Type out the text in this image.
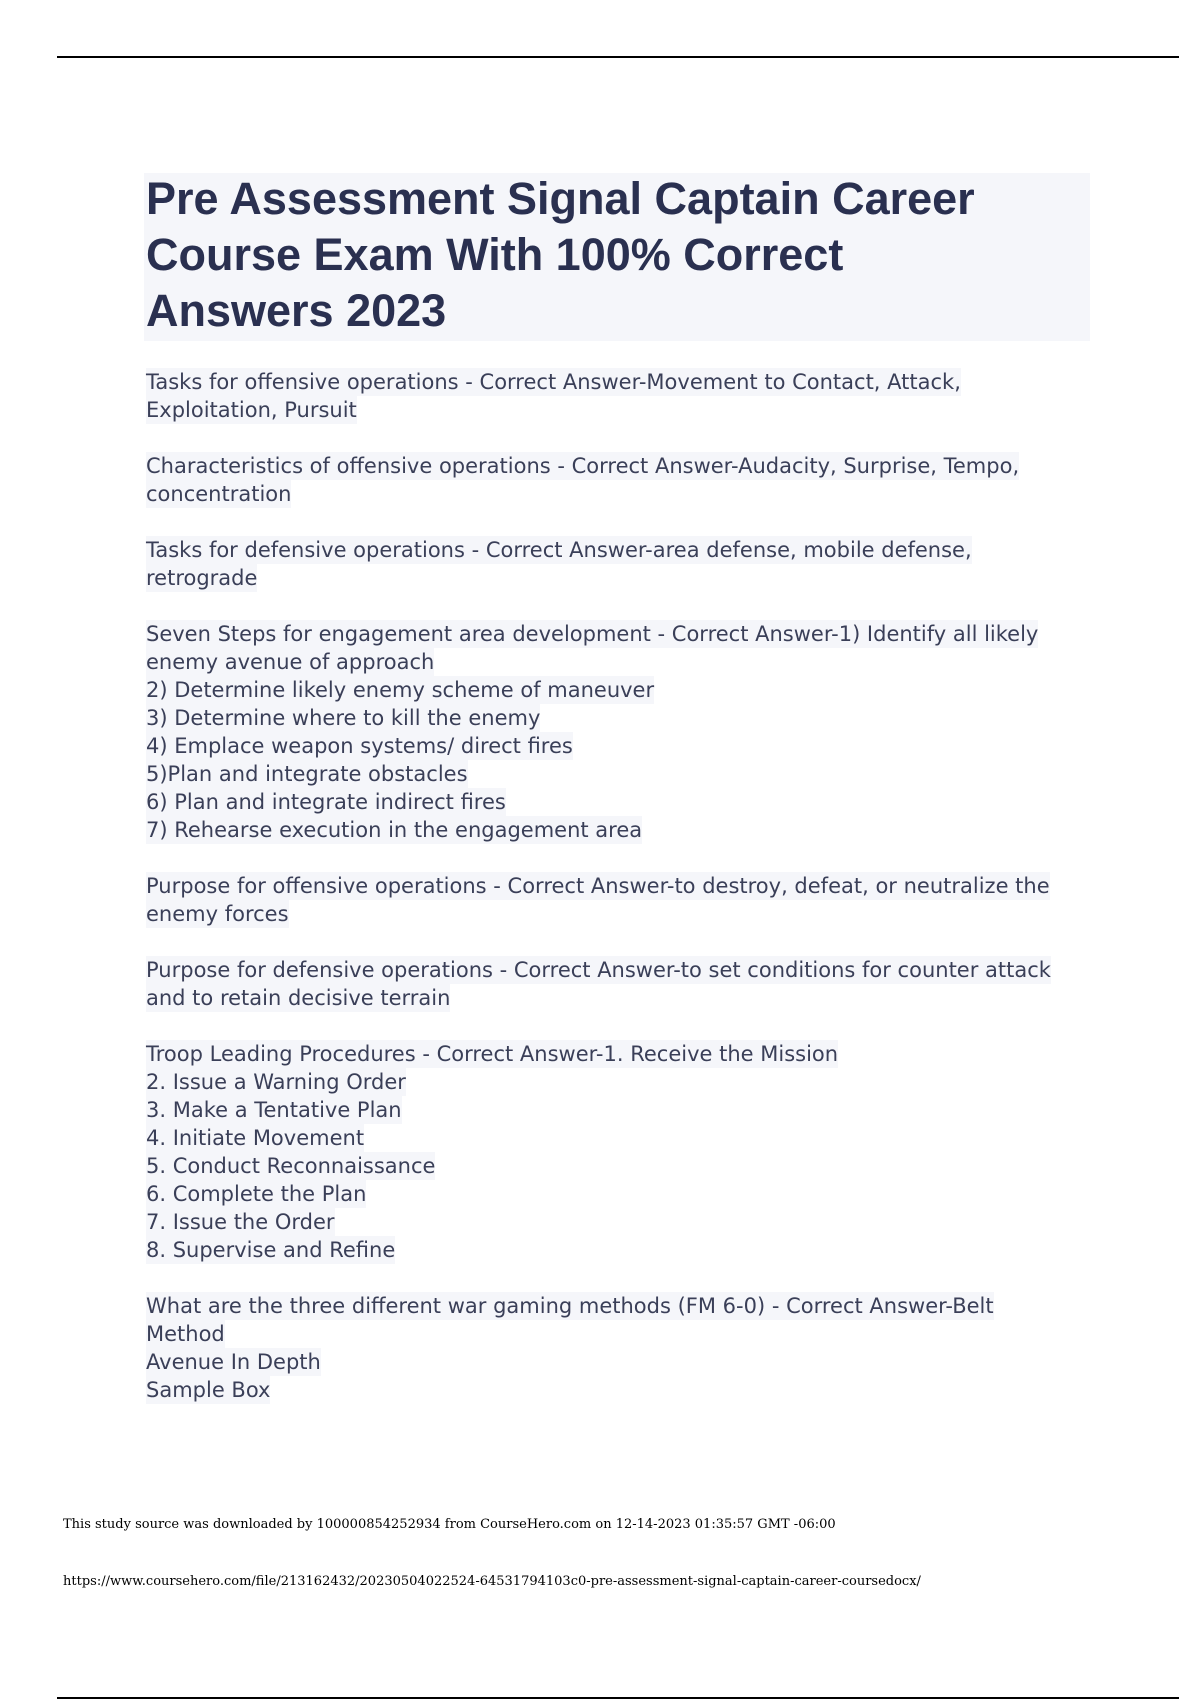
Pre Assessment Signal Captain Career
Course Exam With 100% Correct
Answers 2023
Tasks for offensive operations - Correct Answer-Movement to Contact, Attack,
Exploitation, Pursuit
Characteristics of offensive operations - Correct Answer-Audacity, Surprise, Tempo,
concentration
Tasks for defensive operations - Correct Answer-area defense, mobile defense,
retrograde
Seven Steps for engagement area development - Correct Answer-1) Identify all likely
enemy avenue of approach
2) Determine likely enemy scheme of maneuver
3) Determine where to kill the enemy
4) Emplace weapon systems/ direct fires
5)Plan and integrate obstacles
6) Plan and integrate indirect fires
7) Rehearse execution in the engagement area
Purpose for offensive operations - Correct Answer-to destroy, defeat, or neutralize the
enemy forces
Purpose for defensive operations - Correct Answer-to set conditions for counter attack
and to retain decisive terrain
Troop Leading Procedures - Correct Answer-1. Receive the Mission
2. Issue a Warning Order
3. Make a Tentative Plan
4. Initiate Movement
5. Conduct Reconnaissance
6. Complete the Plan
7. Issue the Order
8. Supervise and Refine
What are the three different war gaming methods (FM 6-0) - Correct Answer-Belt
Method
Avenue In Depth
Sample Box
This study source was downloaded by 100000854252934 from CourseHero.com on 12-14-2023 01:35:57 GMT -06:00
https://www.coursehero.com/file/213162432/20230504022524-64531794103c0-pre-assessment-signal-captain-career-coursedocx/
